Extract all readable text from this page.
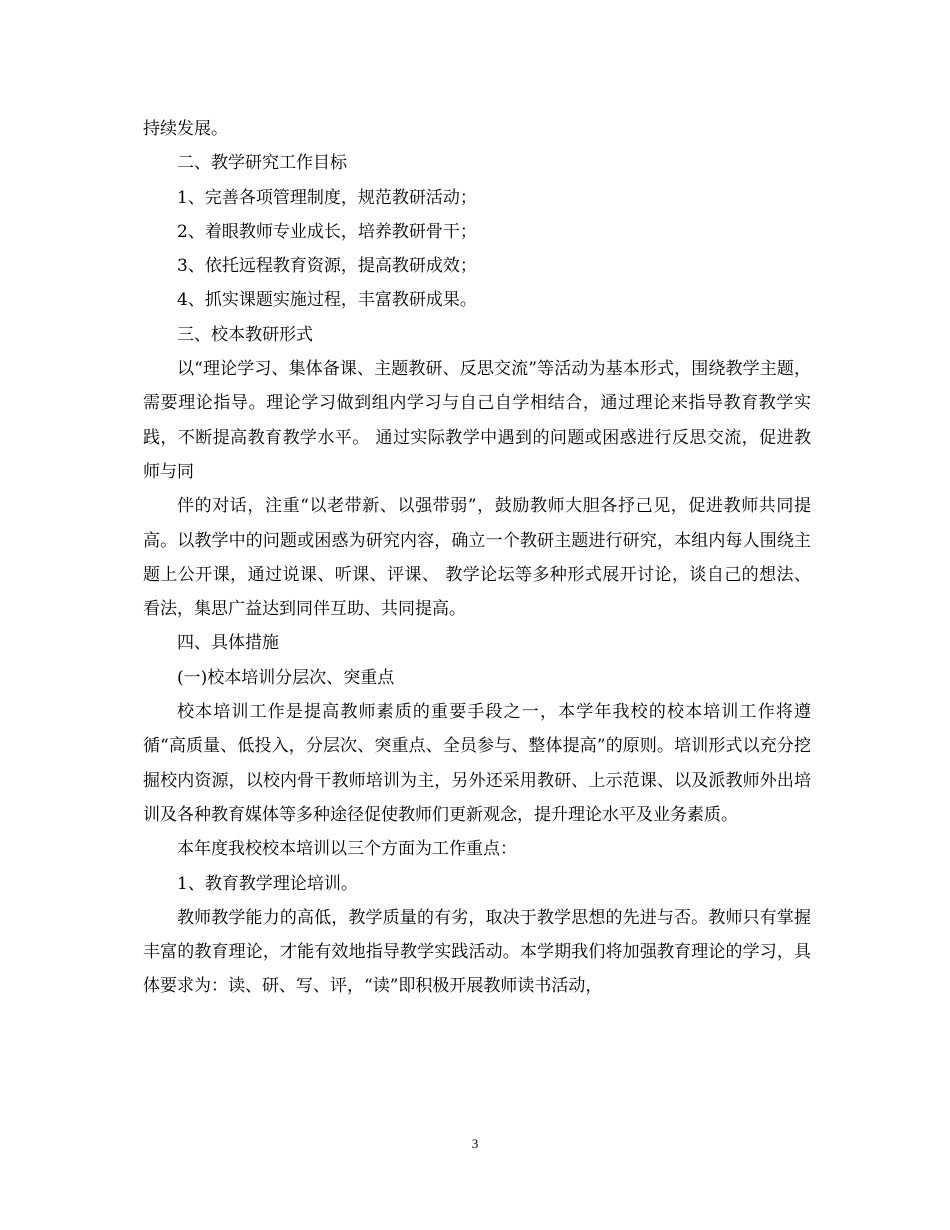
持续发展。

二、教学研究工作目标

1、完善各项管理制度，规范教研活动；

2、着眼教师专业成长，培养教研骨干；

3、依托远程教育资源，提高教研成效；

4、抓实课题实施过程，丰富教研成果。

三、校本教研形式

以“理论学习、集体备课、主题教研、反思交流”等活动为基本形式，围绕教学主题，需要理论指导。理论学习做到组内学习与自己自学相结合，通过理论来指导教育教学实践，不断提高教育教学水平。 通过实际教学中遇到的问题或困惑进行反思交流，促进教师与同

伴的对话，注重“以老带新、以强带弱”，鼓励教师大胆各抒己见，促进教师共同提高。以教学中的问题或困惑为研究内容，确立一个教研主题进行研究，本组内每人围绕主题上公开课，通过说课、听课、评课、 教学论坛等多种形式展开讨论，谈自己的想法、看法，集思广益达到同伴互助、共同提高。

四、具体措施

(一)校本培训分层次、突重点

校本培训工作是提高教师素质的重要手段之一，本学年我校的校本培训工作将遵循“高质量、低投入，分层次、突重点、全员参与、整体提高”的原则。培训形式以充分挖掘校内资源，以校内骨干教师培训为主，另外还采用教研、上示范课、以及派教师外出培训及各种教育媒体等多种途径促使教师们更新观念，提升理论水平及业务素质。

本年度我校校本培训以三个方面为工作重点：

1、教育教学理论培训。

教师教学能力的高低，教学质量的有劣，取决于教学思想的先进与否。教师只有掌握丰富的教育理论，才能有效地指导教学实践活动。本学期我们将加强教育理论的学习，具体要求为：读、研、写、评，“读”即积极开展教师读书活动，

3
